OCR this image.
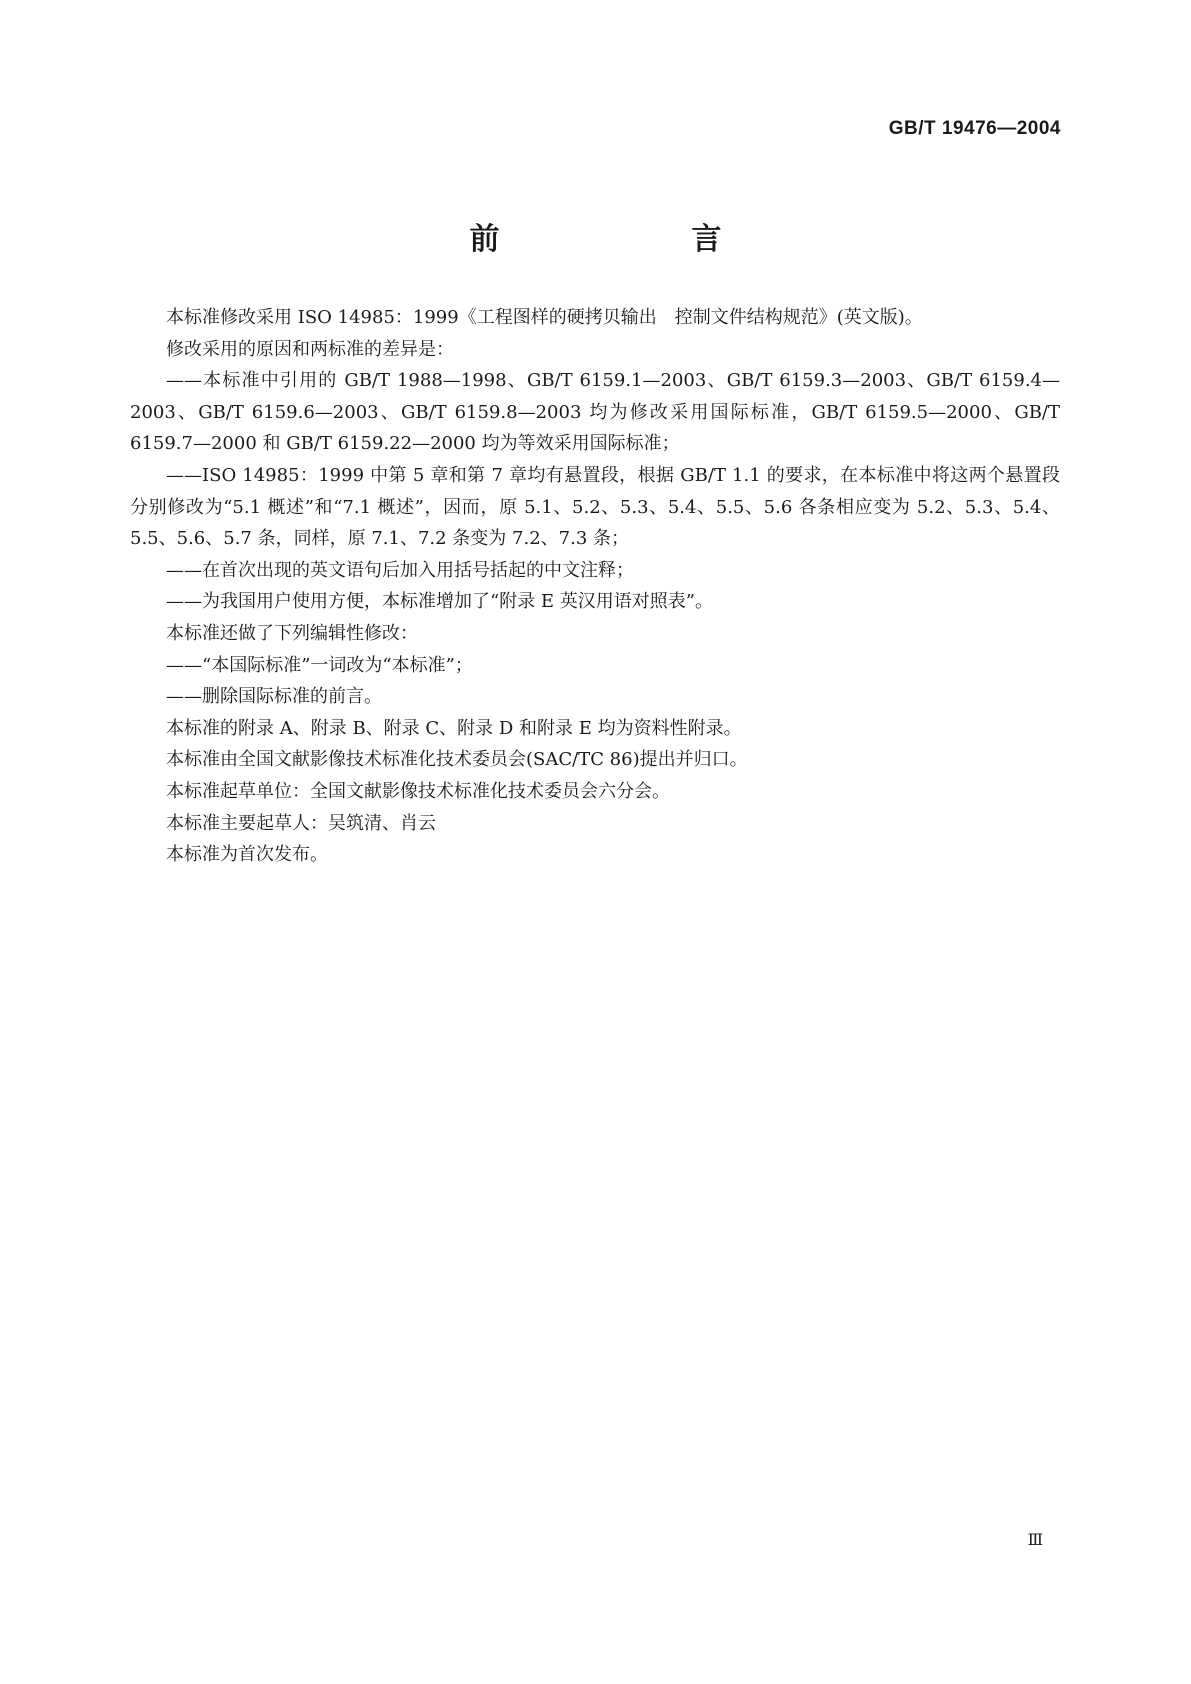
GB/T 19476—2004
前　　言

本标准修改采用 ISO 14985：1999《工程图样的硬拷贝输出　控制文件结构规范》(英文版)。

修改采用的原因和两标准的差异是：

——本标准中引用的 GB/T 1988—1998、GB/T 6159.1—2003、GB/T 6159.3—2003、GB/T 6159.4—2003、GB/T 6159.6—2003、GB/T 6159.8—2003 均为修改采用国际标准，GB/T 6159.5—2000、GB/T 6159.7—2000 和 GB/T 6159.22—2000 均为等效采用国际标准；

——ISO 14985：1999 中第 5 章和第 7 章均有悬置段，根据 GB/T 1.1 的要求，在本标准中将这两个悬置段分别修改为“5.1 概述”和“7.1 概述”，因而，原 5.1、5.2、5.3、5.4、5.5、5.6 各条相应变为 5.2、5.3、5.4、5.5、5.6、5.7 条，同样，原 7.1、7.2 条变为 7.2、7.3 条；

——在首次出现的英文语句后加入用括号括起的中文注释；

——为我国用户使用方便，本标准增加了“附录 E 英汉用语对照表”。

本标准还做了下列编辑性修改：

——“本国际标准”一词改为“本标准”；

——删除国际标准的前言。

本标准的附录 A、附录 B、附录 C、附录 D 和附录 E 均为资料性附录。

本标准由全国文献影像技术标准化技术委员会(SAC/TC 86)提出并归口。

本标准起草单位：全国文献影像技术标准化技术委员会六分会。

本标准主要起草人：吴筑清、肖云

本标准为首次发布。

Ⅲ
